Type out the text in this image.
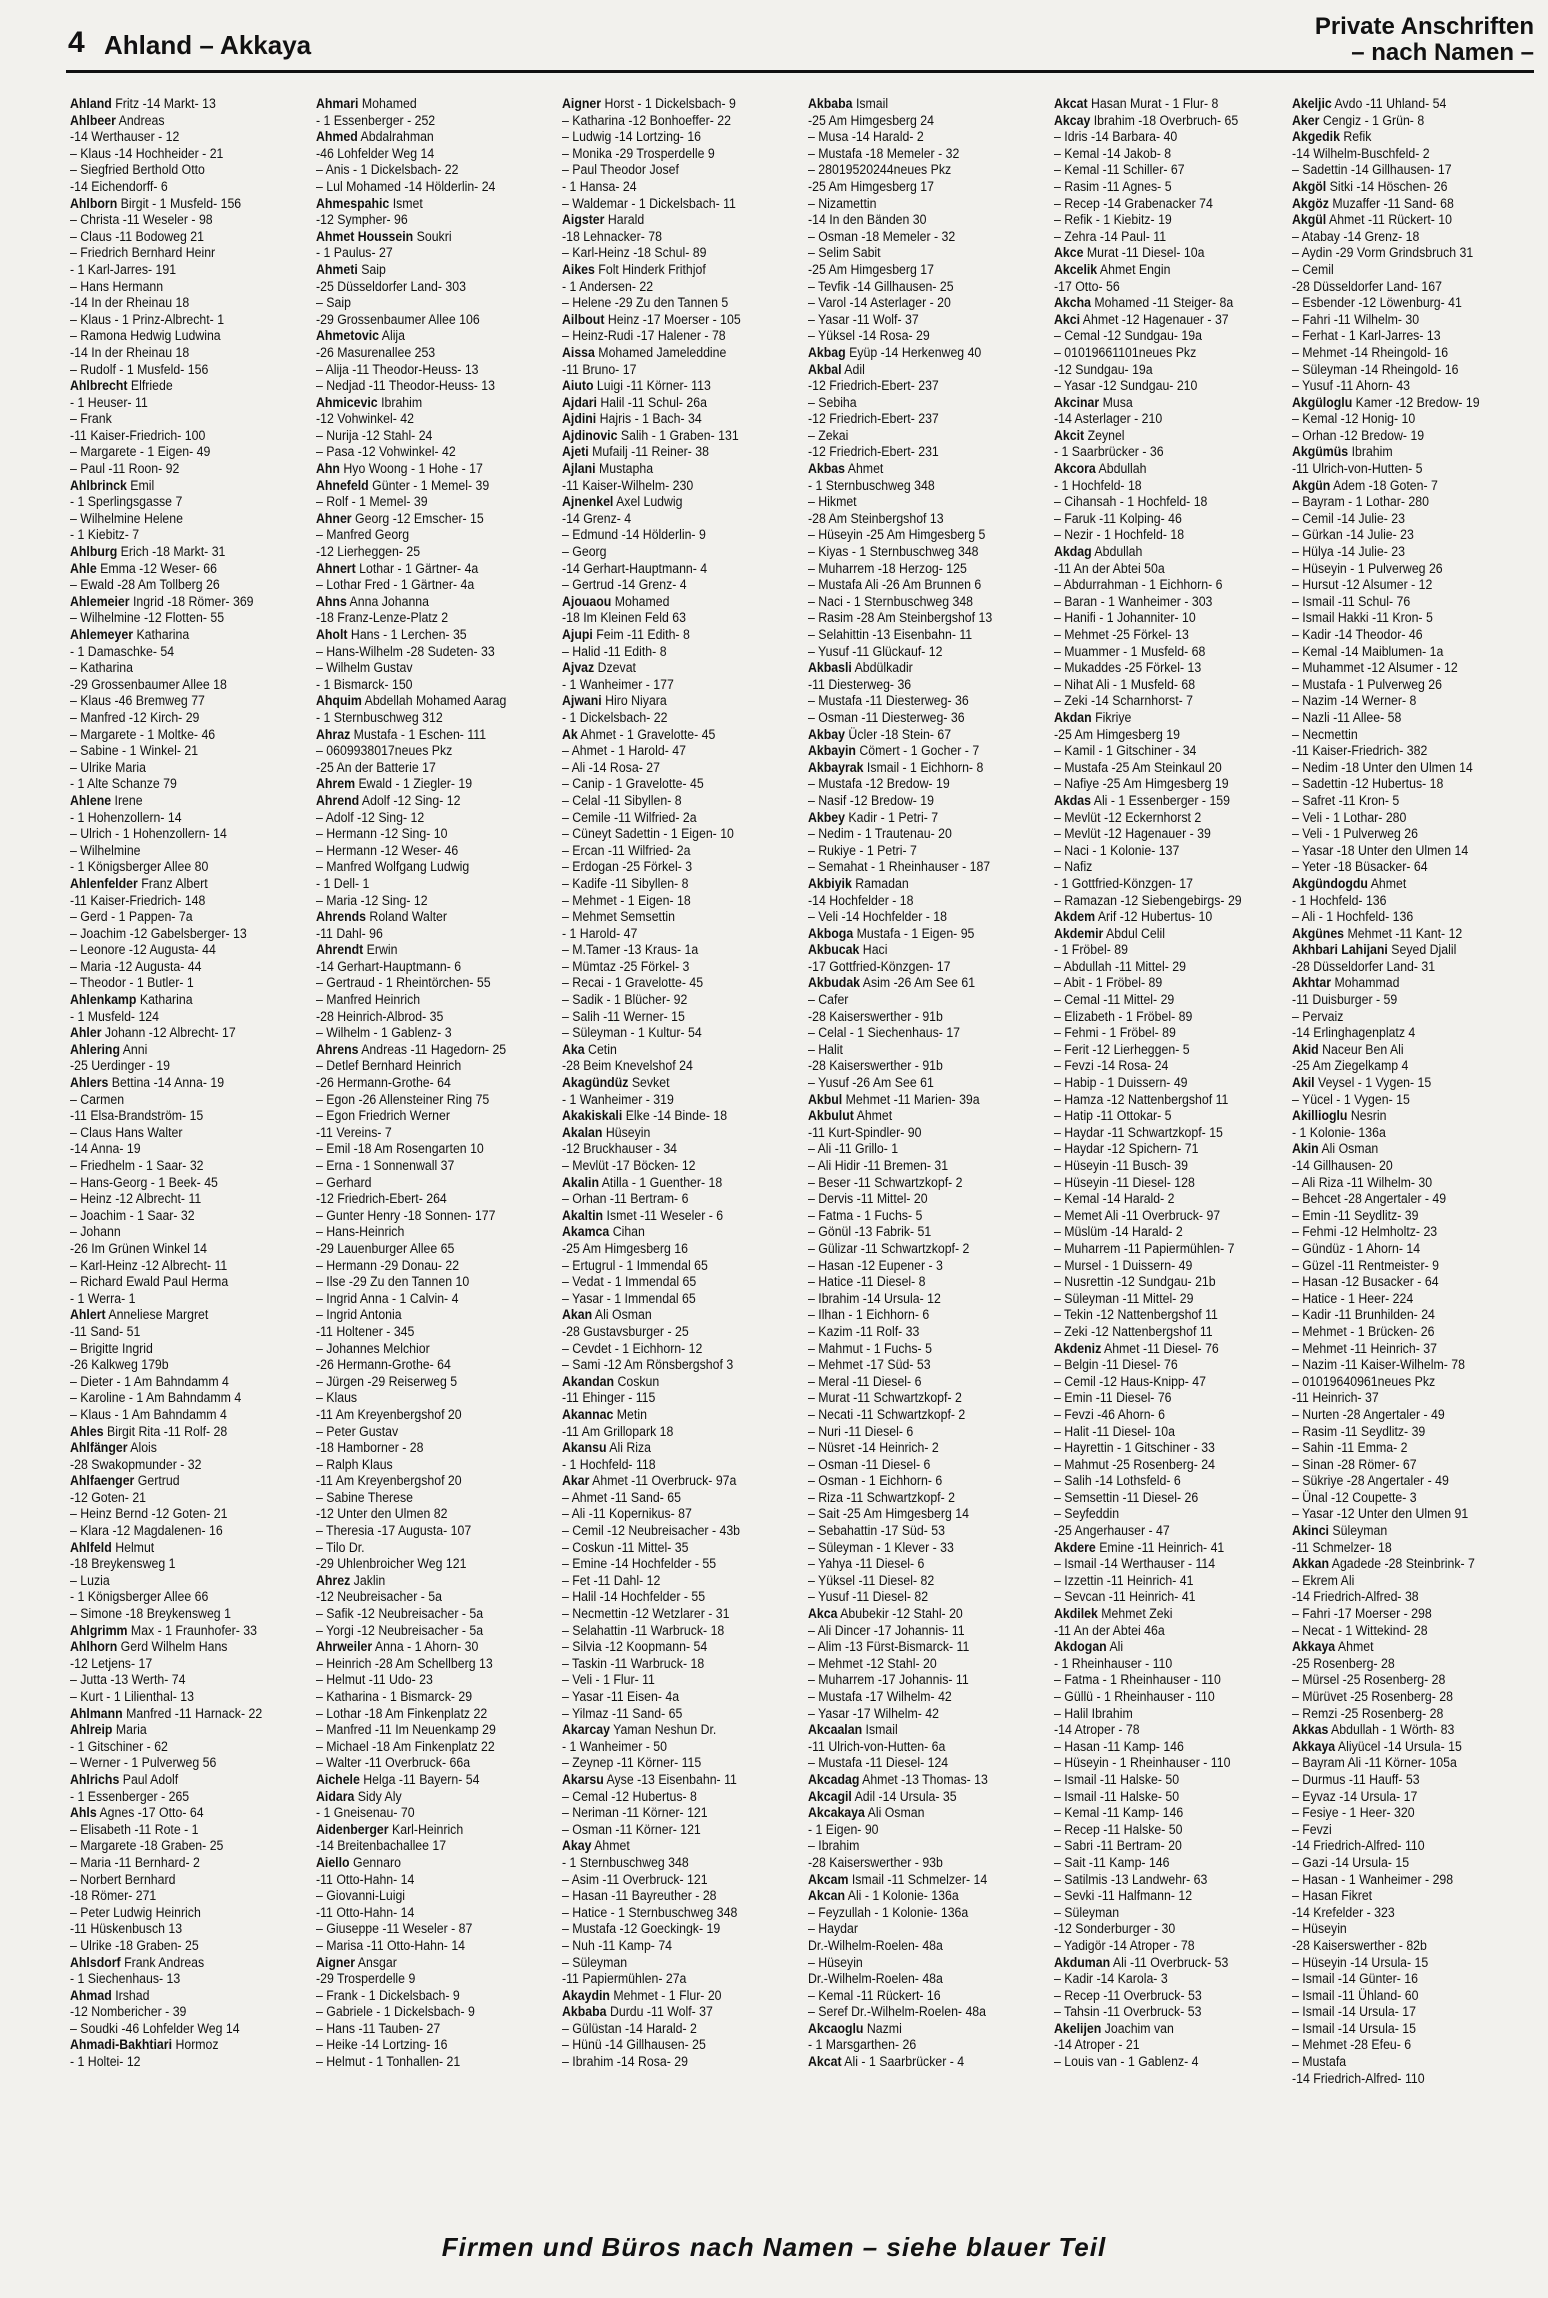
4 Ahland – Akkaya
Private Anschriften
– nach Namen –
Ahland Fritz -14 Markt- 13
Ahlbeer Andreas
-14 Werthauser - 12
– Klaus -14 Hochheider - 21
– Siegfried Berthold Otto
-14 Eichendorff- 6
Ahlborn Birgit - 1 Musfeld- 156
– Christa -11 Weseler - 98
– Claus -11 Bodoweg 21
– Friedrich Bernhard Heinr
- 1 Karl-Jarres- 191
– Hans Hermann
-14 In der Rheinau 18
– Klaus - 1 Prinz-Albrecht- 1
– Ramona Hedwig Ludwina
-14 In der Rheinau 18
– Rudolf - 1 Musfeld- 156
Ahlbrecht Elfriede
- 1 Heuser- 11
– Frank
-11 Kaiser-Friedrich- 100
– Margarete - 1 Eigen- 49
– Paul -11 Roon- 92
Ahlbrinck Emil
- 1 Sperlingsgasse 7
– Wilhelmine Helene
- 1 Kiebitz- 7
Ahlburg Erich -18 Markt- 31
Ahle Emma -12 Weser- 66
– Ewald -28 Am Tollberg 26
Ahlemeier Ingrid -18 Römer- 369
– Wilhelmine -12 Flotten- 55
Ahlemeyer Katharina
- 1 Damaschke- 54
– Katharina
-29 Grossenbaumer Allee 18
– Klaus -46 Bremweg 77
– Manfred -12 Kirch- 29
– Margarete - 1 Moltke- 46
– Sabine - 1 Winkel- 21
– Ulrike Maria
- 1 Alte Schanze 79
Ahlene Irene
- 1 Hohenzollern- 14
– Ulrich - 1 Hohenzollern- 14
– Wilhelmine
- 1 Königsberger Allee 80
Ahlenfelder Franz Albert
-11 Kaiser-Friedrich- 148
– Gerd - 1 Pappen- 7a
– Joachim -12 Gabelsberger- 13
– Leonore -12 Augusta- 44
– Maria -12 Augusta- 44
– Theodor - 1 Butler- 1
Ahlenkamp Katharina
- 1 Musfeld- 124
Ahler Johann -12 Albrecht- 17
Ahlering Anni
-25 Uerdinger - 19
Ahlers Bettina -14 Anna- 19
– Carmen
-11 Elsa-Brandström- 15
– Claus Hans Walter
-14 Anna- 19
– Friedhelm - 1 Saar- 32
– Hans-Georg - 1 Beek- 45
– Heinz -12 Albrecht- 11
– Joachim - 1 Saar- 32
– Johann
-26 Im Grünen Winkel 14
– Karl-Heinz -12 Albrecht- 11
– Richard Ewald Paul Herma
- 1 Werra- 1
Ahlert Anneliese Margret
-11 Sand- 51
– Brigitte Ingrid
-26 Kalkweg 179b
– Dieter - 1 Am Bahndamm 4
– Karoline - 1 Am Bahndamm 4
– Klaus - 1 Am Bahndamm 4
Ahles Birgit Rita -11 Rolf- 28
Ahlfänger Alois
-28 Swakopmunder - 32
Ahlfaenger Gertrud
-12 Goten- 21
– Heinz Bernd -12 Goten- 21
– Klara -12 Magdalenen- 16
Ahlfeld Helmut
-18 Breykensweg 1
– Luzia
- 1 Königsberger Allee 66
– Simone -18 Breykensweg 1
Ahlgrimm Max - 1 Fraunhofer- 33
Ahlhorn Gerd Wilhelm Hans
-12 Letjens- 17
– Jutta -13 Werth- 74
– Kurt - 1 Lilienthal- 13
Ahlmann Manfred -11 Harnack- 22
Ahlreip Maria
- 1 Gitschiner - 62
– Werner - 1 Pulverweg 56
Ahlrichs Paul Adolf
- 1 Essenberger - 265
Ahls Agnes -17 Otto- 64
– Elisabeth -11 Rote - 1
– Margarete -18 Graben- 25
– Maria -11 Bernhard- 2
– Norbert Bernhard
-18 Römer- 271
– Peter Ludwig Heinrich
-11 Hüskenbusch 13
– Ulrike -18 Graben- 25
Ahlsdorf Frank Andreas
- 1 Siechenhaus- 13
Ahmad Irshad
-12 Nombericher - 39
– Soudki -46 Lohfelder Weg 14
Ahmadi-Bakhtiari Hormoz
- 1 Holtei- 12
Ahmari Mohamed
- 1 Essenberger - 252
Ahmed Abdalrahman
-46 Lohfelder Weg 14
– Anis - 1 Dickelsbach- 22
– Lul Mohamed -14 Hölderlin- 24
Ahmespahic Ismet
-12 Sympher- 96
Ahmet Houssein Soukri
- 1 Paulus- 27
Ahmeti Saip
-25 Düsseldorfer Land- 303
– Saip
-29 Grossenbaumer Allee 106
Ahmetovic Alija
-26 Masurenallee 253
– Alija -11 Theodor-Heuss- 13
– Nedjad -11 Theodor-Heuss- 13
Ahmicevic Ibrahim
-12 Vohwinkel- 42
– Nurija -12 Stahl- 24
– Pasa -12 Vohwinkel- 42
Ahn Hyo Woong - 1 Hohe - 17
Ahnefeld Günter - 1 Memel- 39
– Rolf - 1 Memel- 39
Ahner Georg -12 Emscher- 15
– Manfred Georg
-12 Lierheggen- 25
Ahnert Lothar - 1 Gärtner- 4a
– Lothar Fred - 1 Gärtner- 4a
Ahns Anna Johanna
-18 Franz-Lenze-Platz 2
Aholt Hans - 1 Lerchen- 35
– Hans-Wilhelm -28 Sudeten- 33
– Wilhelm Gustav
- 1 Bismarck- 150
Ahquim Abdellah Mohamed Aarag
- 1 Sternbuschweg 312
Ahraz Mustafa - 1 Eschen- 111
– 0609938017neues Pkz
-25 An der Batterie 17
Ahrem Ewald - 1 Ziegler- 19
Ahrend Adolf -12 Sing- 12
– Adolf -12 Sing- 12
– Hermann -12 Sing- 10
– Hermann -12 Weser- 46
– Manfred Wolfgang Ludwig
- 1 Dell- 1
– Maria -12 Sing- 12
Ahrends Roland Walter
-11 Dahl- 96
Ahrendt Erwin
-14 Gerhart-Hauptmann- 6
– Gertraud - 1 Rheintörchen- 55
– Manfred Heinrich
-28 Heinrich-Albrod- 35
– Wilhelm - 1 Gablenz- 3
Ahrens Andreas -11 Hagedorn- 25
– Detlef Bernhard Heinrich
-26 Hermann-Grothe- 64
– Egon -26 Allensteiner Ring 75
– Egon Friedrich Werner
-11 Vereins- 7
– Emil -18 Am Rosengarten 10
– Erna - 1 Sonnenwall 37
– Gerhard
-12 Friedrich-Ebert- 264
– Gunter Henry -18 Sonnen- 177
– Hans-Heinrich
-29 Lauenburger Allee 65
– Hermann -29 Donau- 22
– Ilse -29 Zu den Tannen 10
– Ingrid Anna - 1 Calvin- 4
– Ingrid Antonia
-11 Holtener - 345
– Johannes Melchior
-26 Hermann-Grothe- 64
– Jürgen -29 Reiserweg 5
– Klaus
-11 Am Kreyenbergshof 20
– Peter Gustav
-18 Hamborner - 28
– Ralph Klaus
-11 Am Kreyenbergshof 20
– Sabine Therese
-12 Unter den Ulmen 82
– Theresia -17 Augusta- 107
– Tilo Dr.
-29 Uhlenbroicher Weg 121
Ahrez Jaklin
-12 Neubreisacher - 5a
– Safik -12 Neubreisacher - 5a
– Yorgi -12 Neubreisacher - 5a
Ahrweiler Anna - 1 Ahorn- 30
– Heinrich -28 Am Schellberg 13
– Helmut -11 Udo- 23
– Katharina - 1 Bismarck- 29
– Lothar -18 Am Finkenplatz 22
– Manfred -11 Im Neuenkamp 29
– Michael -18 Am Finkenplatz 22
– Walter -11 Overbruck- 66a
Aichele Helga -11 Bayern- 54
Aidara Sidy Aly
- 1 Gneisenau- 70
Aidenberger Karl-Heinrich
-14 Breitenbachallee 17
Aiello Gennaro
-11 Otto-Hahn- 14
– Giovanni-Luigi
-11 Otto-Hahn- 14
– Giuseppe -11 Weseler - 87
– Marisa -11 Otto-Hahn- 14
Aigner Ansgar
-29 Trosperdelle 9
– Frank - 1 Dickelsbach- 9
– Gabriele - 1 Dickelsbach- 9
– Hans -11 Tauben- 27
– Heike -14 Lortzing- 16
– Helmut - 1 Tonhallen- 21
Aigner Horst - 1 Dickelsbach- 9
– Katharina -12 Bonhoeffer- 22
– Ludwig -14 Lortzing- 16
– Monika -29 Trosperdelle 9
– Paul Theodor Josef
- 1 Hansa- 24
– Waldemar - 1 Dickelsbach- 11
Aigster Harald
-18 Lehnacker- 78
– Karl-Heinz -18 Schul- 89
Aikes Folt Hinderk Frithjof
- 1 Andersen- 22
– Helene -29 Zu den Tannen 5
Ailbout Heinz -17 Moerser - 105
– Heinz-Rudi -17 Halener - 78
Aissa Mohamed Jameleddine
-11 Bruno- 17
Aiuto Luigi -11 Körner- 113
Ajdari Halil -11 Schul- 26a
Ajdini Hajris - 1 Bach- 34
Ajdinovic Salih - 1 Graben- 131
Ajeti Mufailj -11 Reiner- 38
Ajlani Mustapha
-11 Kaiser-Wilhelm- 230
Ajnenkel Axel Ludwig
-14 Grenz- 4
– Edmund -14 Hölderlin- 9
– Georg
-14 Gerhart-Hauptmann- 4
– Gertrud -14 Grenz- 4
Ajouaou Mohamed
-18 Im Kleinen Feld 63
Ajupi Feim -11 Edith- 8
– Halid -11 Edith- 8
Ajvaz Dzevat
- 1 Wanheimer - 177
Ajwani Hiro Niyara
- 1 Dickelsbach- 22
Ak Ahmet - 1 Gravelotte- 45
– Ahmet - 1 Harold- 47
– Ali -14 Rosa- 27
– Canip - 1 Gravelotte- 45
– Celal -11 Sibyllen- 8
– Cemile -11 Wilfried- 2a
– Cüneyt Sadettin - 1 Eigen- 10
– Ercan -11 Wilfried- 2a
– Erdogan -25 Förkel- 3
– Kadife -11 Sibyllen- 8
– Mehmet - 1 Eigen- 18
– Mehmet Semsettin
- 1 Harold- 47
– M.Tamer -13 Kraus- 1a
– Mümtaz -25 Förkel- 3
– Recai - 1 Gravelotte- 45
– Sadik - 1 Blücher- 92
– Salih -11 Werner- 15
– Süleyman - 1 Kultur- 54
Aka Cetin
-28 Beim Knevelshof 24
Akagündüz Sevket
- 1 Wanheimer - 319
Akakiskali Elke -14 Binde- 18
Akalan Hüseyin
-12 Bruckhauser - 34
– Mevlüt -17 Böcken- 12
Akalin Atilla - 1 Guenther- 18
– Orhan -11 Bertram- 6
Akaltin Ismet -11 Weseler - 6
Akamca Cihan
-25 Am Himgesberg 16
– Ertugrul - 1 Immendal 65
– Vedat - 1 Immendal 65
– Yasar - 1 Immendal 65
Akan Ali Osman
-28 Gustavsburger - 25
– Cevdet - 1 Eichhorn- 12
– Sami -12 Am Rönsbergshof 3
Akandan Coskun
-11 Ehinger - 115
Akannac Metin
-11 Am Grillopark 18
Akansu Ali Riza
- 1 Hochfeld- 118
Akar Ahmet -11 Overbruck- 97a
– Ahmet -11 Sand- 65
– Ali -11 Kopernikus- 87
– Cemil -12 Neubreisacher - 43b
– Coskun -11 Mittel- 35
– Emine -14 Hochfelder - 55
– Fet -11 Dahl- 12
– Halil -14 Hochfelder - 55
– Necmettin -12 Wetzlarer - 31
– Selahattin -11 Warbruck- 18
– Silvia -12 Koopmann- 54
– Taskin -11 Warbruck- 18
– Veli - 1 Flur- 11
– Yasar -11 Eisen- 4a
– Yilmaz -11 Sand- 65
Akarcay Yaman Neshun Dr.
- 1 Wanheimer - 50
– Zeynep -11 Körner- 115
Akarsu Ayse -13 Eisenbahn- 11
– Cemal -12 Hubertus- 8
– Neriman -11 Körner- 121
– Osman -11 Körner- 121
Akay Ahmet
- 1 Sternbuschweg 348
– Asim -11 Overbruck- 121
– Hasan -11 Bayreuther - 28
– Hatice - 1 Sternbuschweg 348
– Mustafa -12 Goeckingk- 19
– Nuh -11 Kamp- 74
– Süleyman
-11 Papiermühlen- 27a
Akaydin Mehmet - 1 Flur- 20
Akbaba Durdu -11 Wolf- 37
– Gülüstan -14 Harald- 2
– Hünü -14 Gillhausen- 25
– Ibrahim -14 Rosa- 29
Akbaba Ismail
-25 Am Himgesberg 24
– Musa -14 Harald- 2
– Mustafa -18 Memeler - 32
– 28019520244neues Pkz
-25 Am Himgesberg 17
– Nizamettin
-14 In den Bänden 30
– Osman -18 Memeler - 32
– Selim Sabit
-25 Am Himgesberg 17
– Tevfik -14 Gillhausen- 25
– Varol -14 Asterlager - 20
– Yasar -11 Wolf- 37
– Yüksel -14 Rosa- 29
Akbag Eyüp -14 Herkenweg 40
Akbal Adil
-12 Friedrich-Ebert- 237
– Sebiha
-12 Friedrich-Ebert- 237
– Zekai
-12 Friedrich-Ebert- 231
Akbas Ahmet
- 1 Sternbuschweg 348
– Hikmet
-28 Am Steinbergshof 13
– Hüseyin -25 Am Himgesberg 5
– Kiyas - 1 Sternbuschweg 348
– Muharrem -18 Herzog- 125
– Mustafa Ali -26 Am Brunnen 6
– Naci - 1 Sternbuschweg 348
– Rasim -28 Am Steinbergshof 13
– Selahittin -13 Eisenbahn- 11
– Yusuf -11 Glückauf- 12
Akbasli Abdülkadir
-11 Diesterweg- 36
– Mustafa -11 Diesterweg- 36
– Osman -11 Diesterweg- 36
Akbay Ücler -18 Stein- 67
Akbayin Cömert - 1 Gocher - 7
Akbayrak Ismail - 1 Eichhorn- 8
– Mustafa -12 Bredow- 19
– Nasif -12 Bredow- 19
Akbey Kadir - 1 Petri- 7
– Nedim - 1 Trautenau- 20
– Rukiye - 1 Petri- 7
– Semahat - 1 Rheinhauser - 187
Akbiyik Ramadan
-14 Hochfelder - 18
– Veli -14 Hochfelder - 18
Akboga Mustafa - 1 Eigen- 95
Akbucak Haci
-17 Gottfried-Könzgen- 17
Akbudak Asim -26 Am See 61
– Cafer
-28 Kaiserswerther - 91b
– Celal - 1 Siechenhaus- 17
– Halit
-28 Kaiserswerther - 91b
– Yusuf -26 Am See 61
Akbul Mehmet -11 Marien- 39a
Akbulut Ahmet
-11 Kurt-Spindler- 90
– Ali -11 Grillo- 1
– Ali Hidir -11 Bremen- 31
– Beser -11 Schwartzkopf- 2
– Dervis -11 Mittel- 20
– Fatma - 1 Fuchs- 5
– Gönül -13 Fabrik- 51
– Gülizar -11 Schwartzkopf- 2
– Hasan -12 Eupener - 3
– Hatice -11 Diesel- 8
– Ibrahim -14 Ursula- 12
– Ilhan - 1 Eichhorn- 6
– Kazim -11 Rolf- 33
– Mahmut - 1 Fuchs- 5
– Mehmet -17 Süd- 53
– Meral -11 Diesel- 6
– Murat -11 Schwartzkopf- 2
– Necati -11 Schwartzkopf- 2
– Nuri -11 Diesel- 6
– Nüsret -14 Heinrich- 2
– Osman -11 Diesel- 6
– Osman - 1 Eichhorn- 6
– Riza -11 Schwartzkopf- 2
– Sait -25 Am Himgesberg 14
– Sebahattin -17 Süd- 53
– Süleyman - 1 Klever - 33
– Yahya -11 Diesel- 6
– Yüksel -11 Diesel- 82
– Yusuf -11 Diesel- 82
Akca Abubekir -12 Stahl- 20
– Ali Dincer -17 Johannis- 11
– Alim -13 Fürst-Bismarck- 11
– Mehmet -12 Stahl- 20
– Muharrem -17 Johannis- 11
– Mustafa -17 Wilhelm- 42
– Yasar -17 Wilhelm- 42
Akcaalan Ismail
-11 Ulrich-von-Hutten- 6a
– Mustafa -11 Diesel- 124
Akcadag Ahmet -13 Thomas- 13
Akcagil Adil -14 Ursula- 35
Akcakaya Ali Osman
- 1 Eigen- 90
– Ibrahim
-28 Kaiserswerther - 93b
Akcam Ismail -11 Schmelzer- 14
Akcan Ali - 1 Kolonie- 136a
– Feyzullah - 1 Kolonie- 136a
– Haydar
Dr.-Wilhelm-Roelen- 48a
– Hüseyin
Dr.-Wilhelm-Roelen- 48a
– Kemal -11 Rückert- 16
– Seref Dr.-Wilhelm-Roelen- 48a
Akcaoglu Nazmi
- 1 Marsgarthen- 26
Akcat Ali - 1 Saarbrücker - 4
Akcat Hasan Murat - 1 Flur- 8
Akcay Ibrahim -18 Overbruch- 65
– Idris -14 Barbara- 40
– Kemal -14 Jakob- 8
– Kemal -11 Schiller- 67
– Rasim -11 Agnes- 5
– Recep -14 Grabenacker 74
– Refik - 1 Kiebitz- 19
– Zehra -14 Paul- 11
Akce Murat -11 Diesel- 10a
Akcelik Ahmet Engin
-17 Otto- 56
Akcha Mohamed -11 Steiger- 8a
Akci Ahmet -12 Hagenauer - 37
– Cemal -12 Sundgau- 19a
– 01019661101neues Pkz
-12 Sundgau- 19a
– Yasar -12 Sundgau- 210
Akcinar Musa
-14 Asterlager - 210
Akcit Zeynel
- 1 Saarbrücker - 36
Akcora Abdullah
- 1 Hochfeld- 18
– Cihansah - 1 Hochfeld- 18
– Faruk -11 Kolping- 46
– Nezir - 1 Hochfeld- 18
Akdag Abdullah
-11 An der Abtei 50a
– Abdurrahman - 1 Eichhorn- 6
– Baran - 1 Wanheimer - 303
– Hanifi - 1 Johanniter- 10
– Mehmet -25 Förkel- 13
– Muammer - 1 Musfeld- 68
– Mukaddes -25 Förkel- 13
– Nihat Ali - 1 Musfeld- 68
– Zeki -14 Scharnhorst- 7
Akdan Fikriye
-25 Am Himgesberg 19
– Kamil - 1 Gitschiner - 34
– Mustafa -25 Am Steinkaul 20
– Nafiye -25 Am Himgesberg 19
Akdas Ali - 1 Essenberger - 159
– Mevlüt -12 Eckernhorst 2
– Mevlüt -12 Hagenauer - 39
– Naci - 1 Kolonie- 137
– Nafiz
- 1 Gottfried-Könzgen- 17
– Ramazan -12 Siebengebirgs- 29
Akdem Arif -12 Hubertus- 10
Akdemir Abdul Celil
- 1 Fröbel- 89
– Abdullah -11 Mittel- 29
– Abit - 1 Fröbel- 89
– Cemal -11 Mittel- 29
– Elizabeth - 1 Fröbel- 89
– Fehmi - 1 Fröbel- 89
– Ferit -12 Lierheggen- 5
– Fevzi -14 Rosa- 24
– Habip - 1 Duissern- 49
– Hamza -12 Nattenbergshof 11
– Hatip -11 Ottokar- 5
– Haydar -11 Schwartzkopf- 15
– Haydar -12 Spichern- 71
– Hüseyin -11 Busch- 39
– Hüseyin -11 Diesel- 128
– Kemal -14 Harald- 2
– Memet Ali -11 Overbruck- 97
– Müslüm -14 Harald- 2
– Muharrem -11 Papiermühlen- 7
– Mursel - 1 Duissern- 49
– Nusrettin -12 Sundgau- 21b
– Süleyman -11 Mittel- 29
– Tekin -12 Nattenbergshof 11
– Zeki -12 Nattenbergshof 11
Akdeniz Ahmet -11 Diesel- 76
– Belgin -11 Diesel- 76
– Cemil -12 Haus-Knipp- 47
– Emin -11 Diesel- 76
– Fevzi -46 Ahorn- 6
– Halit -11 Diesel- 10a
– Hayrettin - 1 Gitschiner - 33
– Mahmut -25 Rosenberg- 24
– Salih -14 Lothsfeld- 6
– Semsettin -11 Diesel- 26
– Seyfeddin
-25 Angerhauser - 47
Akdere Emine -11 Heinrich- 41
– Ismail -14 Werthauser - 114
– Izzettin -11 Heinrich- 41
– Sevcan -11 Heinrich- 41
Akdilek Mehmet Zeki
-11 An der Abtei 46a
Akdogan Ali
- 1 Rheinhauser - 110
– Fatma - 1 Rheinhauser - 110
– Güllü - 1 Rheinhauser - 110
– Halil Ibrahim
-14 Atroper - 78
– Hasan -11 Kamp- 146
– Hüseyin - 1 Rheinhauser - 110
– Ismail -11 Halske- 50
– Ismail -11 Halske- 50
– Kemal -11 Kamp- 146
– Recep -11 Halske- 50
– Sabri -11 Bertram- 20
– Sait -11 Kamp- 146
– Satilmis -13 Landwehr- 63
– Sevki -11 Halfmann- 12
– Süleyman
-12 Sonderburger - 30
– Yadigör -14 Atroper - 78
Akduman Ali -11 Overbruck- 53
– Kadir -14 Karola- 3
– Recep -11 Overbruck- 53
– Tahsin -11 Overbruck- 53
Akelijen Joachim van
-14 Atroper - 21
– Louis van - 1 Gablenz- 4
Akeljic Avdo -11 Uhland- 54
Aker Cengiz - 1 Grün- 8
Akgedik Refik
-14 Wilhelm-Buschfeld- 2
– Sadettin -14 Gillhausen- 17
Akgöl Sitki -14 Höschen- 26
Akgöz Muzaffer -11 Sand- 68
Akgül Ahmet -11 Rückert- 10
– Atabay -14 Grenz- 18
– Aydin -29 Vorm Grindsbruch 31
– Cemil
-28 Düsseldorfer Land- 167
– Esbender -12 Löwenburg- 41
– Fahri -11 Wilhelm- 30
– Ferhat - 1 Karl-Jarres- 13
– Mehmet -14 Rheingold- 16
– Süleyman -14 Rheingold- 16
– Yusuf -11 Ahorn- 43
Akgüloglu Kamer -12 Bredow- 19
– Kemal -12 Honig- 10
– Orhan -12 Bredow- 19
Akgümüs Ibrahim
-11 Ulrich-von-Hutten- 5
Akgün Adem -18 Goten- 7
– Bayram - 1 Lothar- 280
– Cemil -14 Julie- 23
– Gürkan -14 Julie- 23
– Hülya -14 Julie- 23
– Hüseyin - 1 Pulverweg 26
– Hursut -12 Alsumer - 12
– Ismail -11 Schul- 76
– Ismail Hakki -11 Kron- 5
– Kadir -14 Theodor- 46
– Kemal -14 Maiblumen- 1a
– Muhammet -12 Alsumer - 12
– Mustafa - 1 Pulverweg 26
– Nazim -14 Werner- 8
– Nazli -11 Allee- 58
– Necmettin
-11 Kaiser-Friedrich- 382
– Nedim -18 Unter den Ulmen 14
– Sadettin -12 Hubertus- 18
– Safret -11 Kron- 5
– Veli - 1 Lothar- 280
– Veli - 1 Pulverweg 26
– Yasar -18 Unter den Ulmen 14
– Yeter -18 Büsacker- 64
Akgündogdu Ahmet
- 1 Hochfeld- 136
– Ali - 1 Hochfeld- 136
Akgünes Mehmet -11 Kant- 12
Akhbari Lahijani Seyed Djalil
-28 Düsseldorfer Land- 31
Akhtar Mohammad
-11 Duisburger - 59
– Pervaiz
-14 Erlinghagenplatz 4
Akid Naceur Ben Ali
-25 Am Ziegelkamp 4
Akil Veysel - 1 Vygen- 15
– Yücel - 1 Vygen- 15
Akillioglu Nesrin
- 1 Kolonie- 136a
Akin Ali Osman
-14 Gillhausen- 20
– Ali Riza -11 Wilhelm- 30
– Behcet -28 Angertaler - 49
– Emin -11 Seydlitz- 39
– Fehmi -12 Helmholtz- 23
– Gündüz - 1 Ahorn- 14
– Güzel -11 Rentmeister- 9
– Hasan -12 Busacker - 64
– Hatice - 1 Heer- 224
– Kadir -11 Brunhilden- 24
– Mehmet - 1 Brücken- 26
– Mehmet -11 Heinrich- 37
– Nazim -11 Kaiser-Wilhelm- 78
– 01019640961neues Pkz
-11 Heinrich- 37
– Nurten -28 Angertaler - 49
– Rasim -11 Seydlitz- 39
– Sahin -11 Emma- 2
– Sinan -28 Römer- 67
– Sükriye -28 Angertaler - 49
– Ünal -12 Coupette- 3
– Yasar -12 Unter den Ulmen 91
Akinci Süleyman
-11 Schmelzer- 18
Akkan Agadede -28 Steinbrink- 7
– Ekrem Ali
-14 Friedrich-Alfred- 38
– Fahri -17 Moerser - 298
– Necat - 1 Wittekind- 28
Akkaya Ahmet
-25 Rosenberg- 28
– Mürsel -25 Rosenberg- 28
– Mürüvet -25 Rosenberg- 28
– Remzi -25 Rosenberg- 28
Akkas Abdullah - 1 Wörth- 83
Akkaya Aliyücel -14 Ursula- 15
– Bayram Ali -11 Körner- 105a
– Durmus -11 Hauff- 53
– Eyvaz -14 Ursula- 17
– Fesiye - 1 Heer- 320
– Fevzi
-14 Friedrich-Alfred- 110
– Gazi -14 Ursula- 15
– Hasan - 1 Wanheimer - 298
– Hasan Fikret
-14 Krefelder - 323
– Hüseyin
-28 Kaiserswerther - 82b
– Hüseyin -14 Ursula- 15
– Ismail -14 Günter- 16
– Ismail -11 Ühland- 60
– Ismail -14 Ursula- 17
– Ismail -14 Ursula- 15
– Mehmet -28 Efeu- 6
– Mustafa
-14 Friedrich-Alfred- 110
Firmen und Büros nach Namen – siehe blauer Teil
